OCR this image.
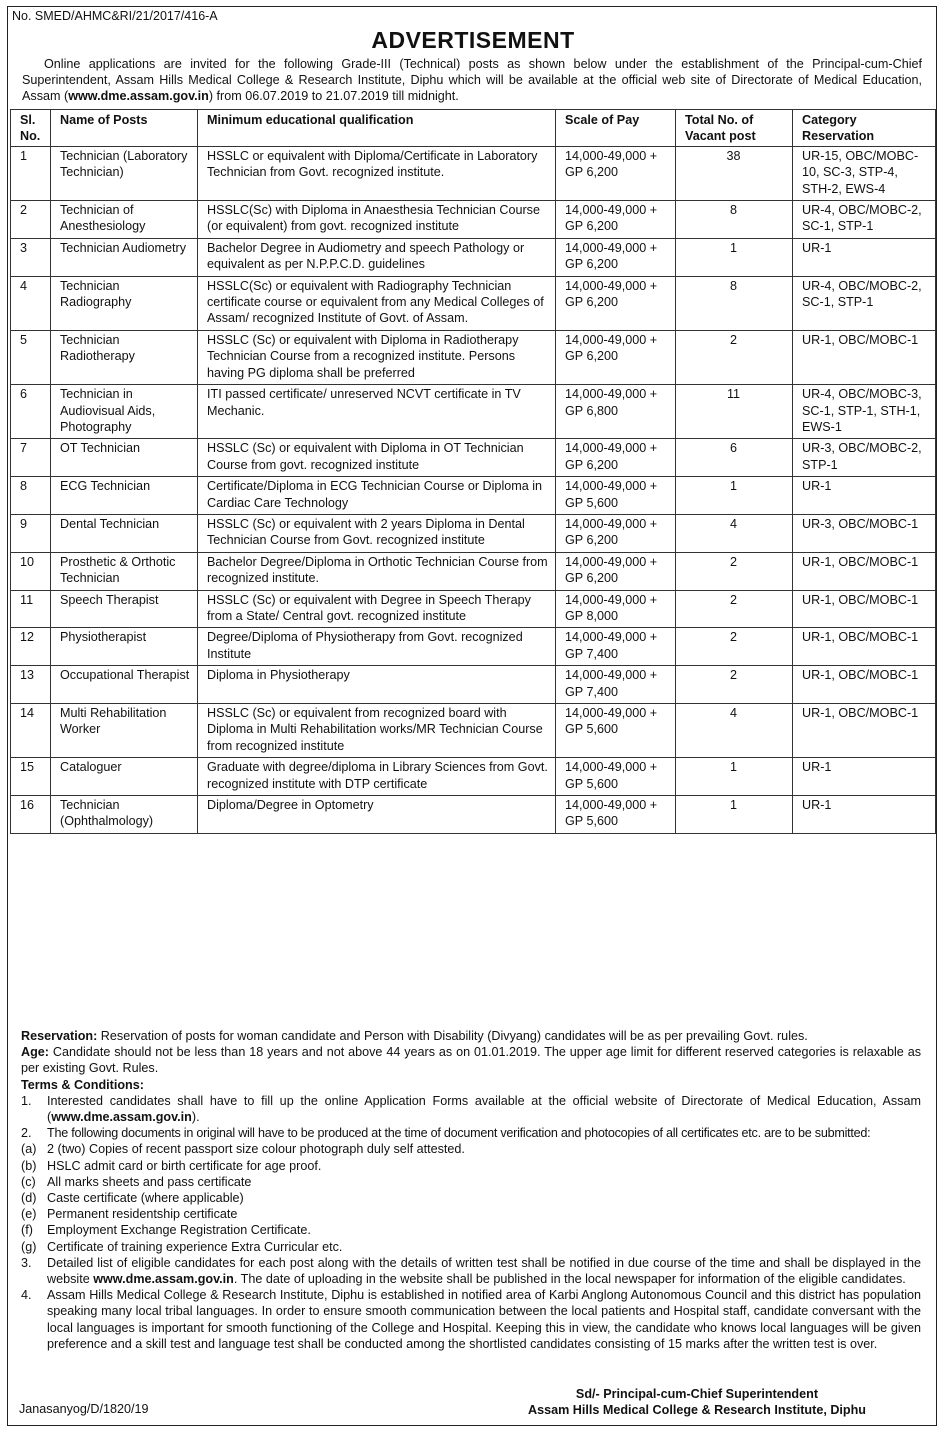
No. SMED/AHMC&RI/21/2017/416-A
ADVERTISEMENT
Online applications are invited for the following Grade-III (Technical) posts as shown below under the establishment of the Principal-cum-Chief Superintendent, Assam Hills Medical College & Research Institute, Diphu which will be available at the official web site of Directorate of Medical Education, Assam (www.dme.assam.gov.in) from 06.07.2019 to 21.07.2019 till midnight.
Sl. No.	Name of Posts	Minimum educational qualification	Scale of Pay	Total No. of Vacant post	Category Reservation
1	Technician (Laboratory Technician)	HSSLC or equivalent with Diploma/Certificate in Laboratory Technician from Govt. recognized institute.	14,000-49,000 + GP 6,200	38	UR-15, OBC/MOBC-10, SC-3, STP-4, STH-2, EWS-4
2	Technician of Anesthesiology	HSSLC(Sc) with Diploma in Anaesthesia Technician Course (or equivalent) from govt. recognized institute	14,000-49,000 + GP 6,200	8	UR-4, OBC/MOBC-2, SC-1, STP-1
3	Technician Audiometry	Bachelor Degree in Audiometry and speech Pathology or equivalent as per N.P.P.C.D. guidelines	14,000-49,000 + GP 6,200	1	UR-1
4	Technician Radiography	HSSLC(Sc) or equivalent with Radiography Technician certificate course or equivalent from any Medical Colleges of Assam/ recognized Institute of Govt. of Assam.	14,000-49,000 + GP 6,200	8	UR-4, OBC/MOBC-2, SC-1, STP-1
5	Technician Radiotherapy	HSSLC (Sc) or equivalent with Diploma in Radiotherapy Technician Course from a recognized institute. Persons having PG diploma shall be preferred	14,000-49,000 + GP 6,200	2	UR-1, OBC/MOBC-1
6	Technician in Audiovisual Aids, Photography	ITI passed certificate/ unreserved NCVT certificate in TV Mechanic.	14,000-49,000 + GP 6,800	11	UR-4, OBC/MOBC-3, SC-1, STP-1, STH-1, EWS-1
7	OT Technician	HSSLC (Sc) or equivalent with Diploma in OT Technician Course from govt. recognized institute	14,000-49,000 + GP 6,200	6	UR-3, OBC/MOBC-2, STP-1
8	ECG Technician	Certificate/Diploma in ECG Technician Course or Diploma in Cardiac Care Technology	14,000-49,000 + GP 5,600	1	UR-1
9	Dental Technician	HSSLC (Sc) or equivalent with 2 years Diploma in Dental Technician Course from Govt. recognized institute	14,000-49,000 + GP 6,200	4	UR-3, OBC/MOBC-1
10	Prosthetic & Orthotic Technician	Bachelor Degree/Diploma in Orthotic Technician Course from recognized institute.	14,000-49,000 + GP 6,200	2	UR-1, OBC/MOBC-1
11	Speech Therapist	HSSLC (Sc) or equivalent with Degree in Speech Therapy from a State/ Central govt. recognized institute	14,000-49,000 + GP 8,000	2	UR-1, OBC/MOBC-1
12	Physiotherapist	Degree/Diploma of Physiotherapy from Govt. recognized Institute	14,000-49,000 + GP 7,400	2	UR-1, OBC/MOBC-1
13	Occupational Therapist	Diploma in Physiotherapy	14,000-49,000 + GP 7,400	2	UR-1, OBC/MOBC-1
14	Multi Rehabilitation Worker	HSSLC (Sc) or equivalent from recognized board with Diploma in Multi Rehabilitation works/MR Technician Course from recognized institute	14,000-49,000 + GP 5,600	4	UR-1, OBC/MOBC-1
15	Cataloguer	Graduate with degree/diploma in Library Sciences from Govt. recognized institute with DTP certificate	14,000-49,000 + GP 5,600	1	UR-1
16	Technician (Ophthalmology)	Diploma/Degree in Optometry	14,000-49,000 + GP 5,600	1	UR-1

Reservation: Reservation of posts for woman candidate and Person with Disability (Divyang) candidates will be as per prevailing Govt. rules.

Age: Candidate should not be less than 18 years and not above 44 years as on 01.01.2019. The upper age limit for different reserved categories is relaxable as per existing Govt. Rules.

Terms & Conditions:

1.	Interested candidates shall have to fill up the online Application Forms available at the official website of Directorate of Medical Education, Assam (www.dme.assam.gov.in).
2.	The following documents in original will have to be produced at the time of document verification and photocopies of all certificates etc. are to be submitted:
(a) 2 (two) Copies of recent passport size colour photograph duly self attested.
(b) HSLC admit card or birth certificate for age proof.
(c) All marks sheets and pass certificate
(d) Caste certificate (where applicable)
(e) Permanent residentship certificate
(f)	Employment Exchange Registration Certificate.
(g) Certificate of training experience Extra Curricular etc.
3.	Detailed list of eligible candidates for each post along with the details of written test shall be notified in due course of the time and shall be displayed in the website www.dme.assam.gov.in. The date of uploading in the website shall be published in the local newspaper for information of the eligible candidates.
4.	Assam Hills Medical College & Research Institute, Diphu is established in notified area of Karbi Anglong Autonomous Council and this district has population speaking many local tribal languages. In order to ensure smooth communication between the local patients and Hospital staff, candidate conversant with the local languages is important for smooth functioning of the College and Hospital. Keeping this in view, the candidate who knows local languages will be given preference and a skill test and language test shall be conducted among the shortlisted candidates consisting of 15 marks after the written test is over.
Sd/- Principal-cum-Chief Superintendent
Assam Hills Medical College & Research Institute, Diphu
Janasanyog/D/1820/19
